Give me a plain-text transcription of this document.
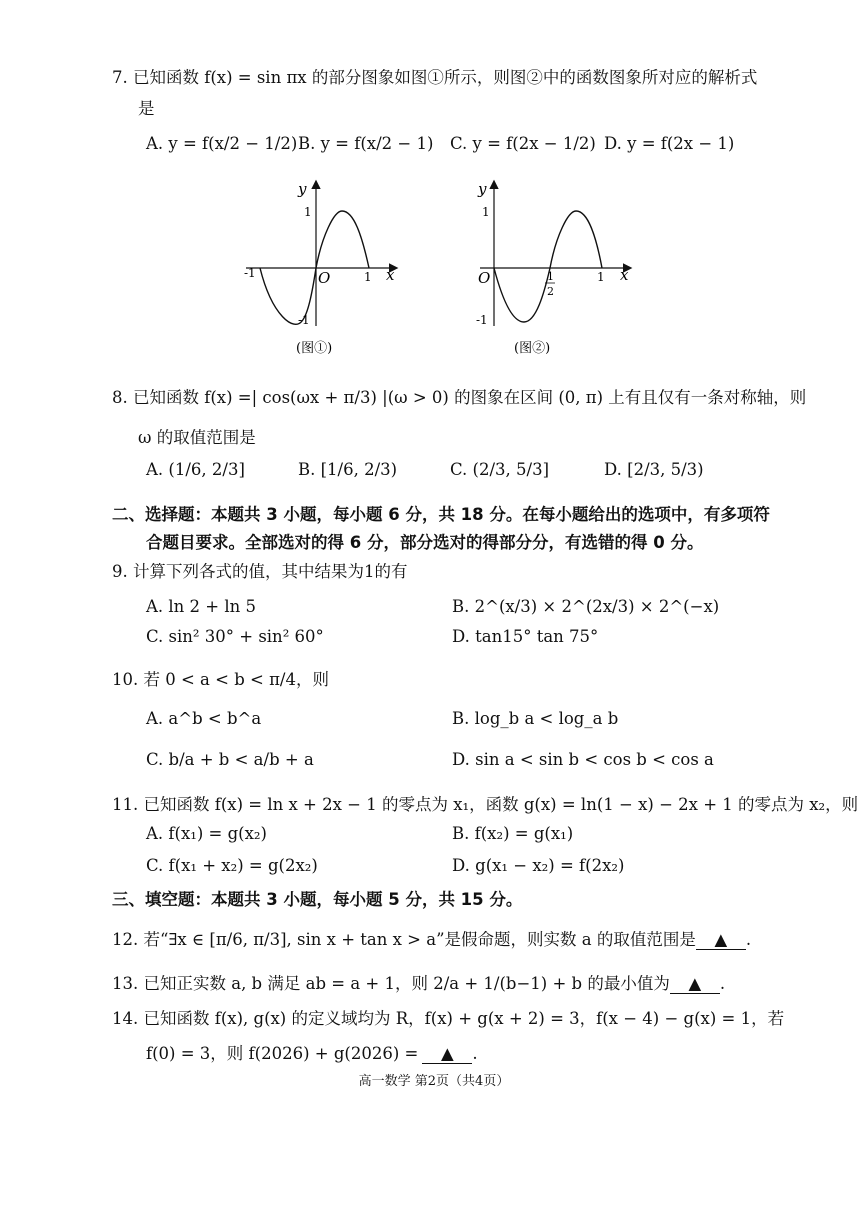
7. 已知函数 f(x) = sin πx 的部分图象如图①所示，则图②中的函数图象所对应的解析式
是
A. y = f(x/2 − 1/2) B. y = f(x/2 − 1) C. y = f(2x − 1/2) D. y = f(2x − 1)
y
x
O
1
-1
1
-1
(图①)
y
x
O
1
-1
1
1
2
(图②)
8. 已知函数 f(x) =| cos(ωx + π/3) |(ω > 0) 的图象在区间 (0, π) 上有且仅有一条对称轴，则
ω 的取值范围是
A. (1/6, 2/3]	B. [1/6, 2/3)	C. (2/3, 5/3]	D. [2/3, 5/3)
二、选择题：本题共 3 小题，每小题 6 分，共 18 分。在每小题给出的选项中，有多项符
合题目要求。全部选对的得 6 分，部分选对的得部分分，有选错的得 0 分。
9. 计算下列各式的值，其中结果为1的有
A. ln 2 + ln 5	B. 2^(x/3) × 2^(2x/3) × 2^(−x)
C. sin² 30° + sin² 60°	D. tan15° tan 75°
10. 若 0 < a < b < π/4，则
A. a^b < b^a	B. log_b a < log_a b
C. b/a + b < a/b + a	D. sin a < sin b < cos b < cos a
11. 已知函数 f(x) = ln x + 2x − 1 的零点为 x₁，函数 g(x) = ln(1 − x) − 2x + 1 的零点为 x₂，则
A. f(x₁) = g(x₂)	B. f(x₂) = g(x₁)
C. f(x₁ + x₂) = g(2x₂)	D. g(x₁ − x₂) = f(2x₂)
三、填空题：本题共 3 小题，每小题 5 分，共 15 分。
12. 若“∃x ∈ [π/6, π/3], sin x + tan x > a”是假命题，则实数 a 的取值范围是 ▲ .
13. 已知正实数 a, b 满足 ab = a + 1，则 2/a + 1/(b−1) + b 的最小值为 ▲ .
14. 已知函数 f(x), g(x) 的定义域均为 R，f(x) + g(x + 2) = 3，f(x − 4) − g(x) = 1，若
f(0) = 3，则 f(2026) + g(2026) = ▲ .
高一数学 第2页（共4页）
